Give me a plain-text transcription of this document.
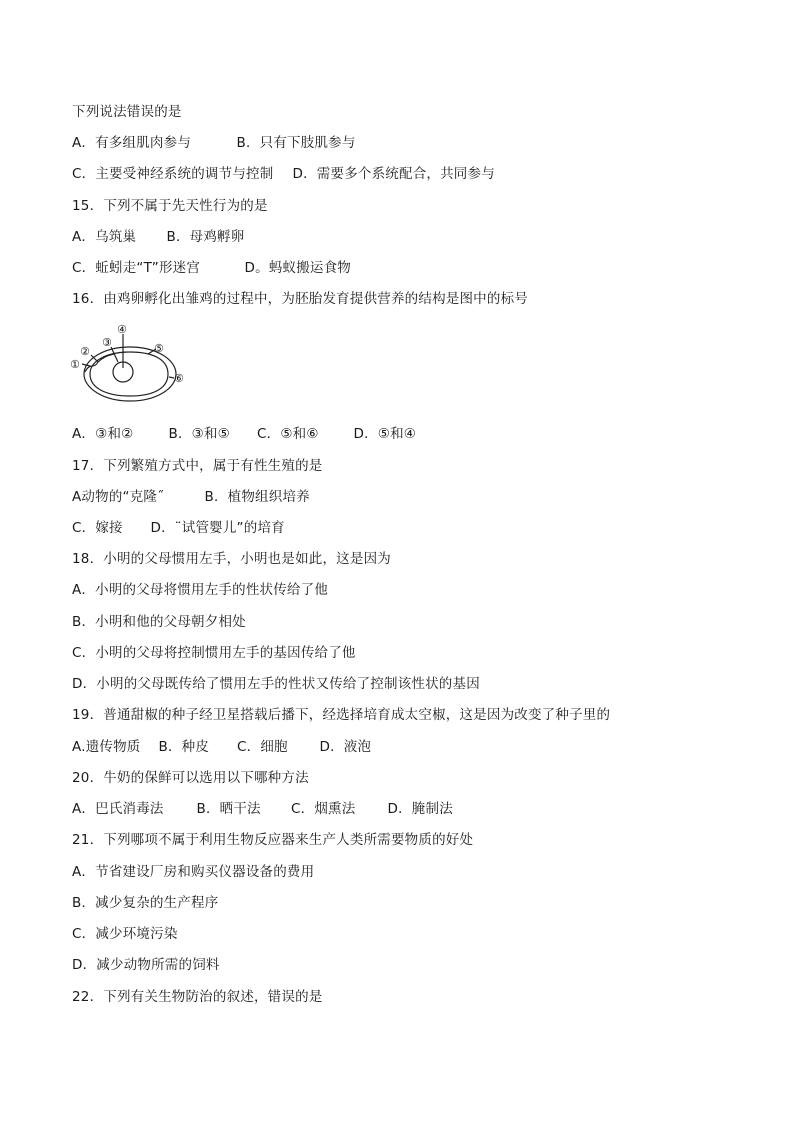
下列说法错误的是
A．有多组肌肉参与	B．只有下肢肌参与
C．主要受神经系统的调节与控制 D．需要多个系统配合，共同参与
15．下列不属于先天性行为的是
A．乌筑巢 B．母鸡孵卵
C．蚯蚓走“T”形迷宫	D。蚂蚁搬运食物
16．由鸡卵孵化出雏鸡的过程中，为胚胎发育提供营养的结构是图中的标号
①
②
③
④
⑤
⑥
A．③和②	B．③和⑤ C．⑤和⑥	D．⑤和④
17．下列繁殖方式中，属于有性生殖的是
A动物的“克隆˝	B．植物组织培养
C．嫁接 D．¨试管婴儿”的培育
18．小明的父母惯用左手，小明也是如此，这是因为
A．小明的父母将惯用左手的性状传给了他
B．小明和他的父母朝夕相处
C．小明的父母将控制惯用左手的基因传给了他
D．小明的父母既传给了惯用左手的性状又传给了控制该性状的基因
19．普通甜椒的种子经卫星搭载后播下，经选择培育成太空椒，这是因为改变了种子里的
A.遗传物质 B．种皮 C．细胞 D．液泡
20．牛奶的保鲜可以选用以下哪种方法
A．巴氏消毒法 B．晒干法 C．烟熏法 D．腌制法
21．下列哪项不属于利用生物反应器来生产人类所需要物质的好处
A．节省建设厂房和购买仪器设备的费用
B．减少复杂的生产程序
C．减少环境污染
D．减少动物所需的饲料
22．下列有关生物防治的叙述，错误的是
